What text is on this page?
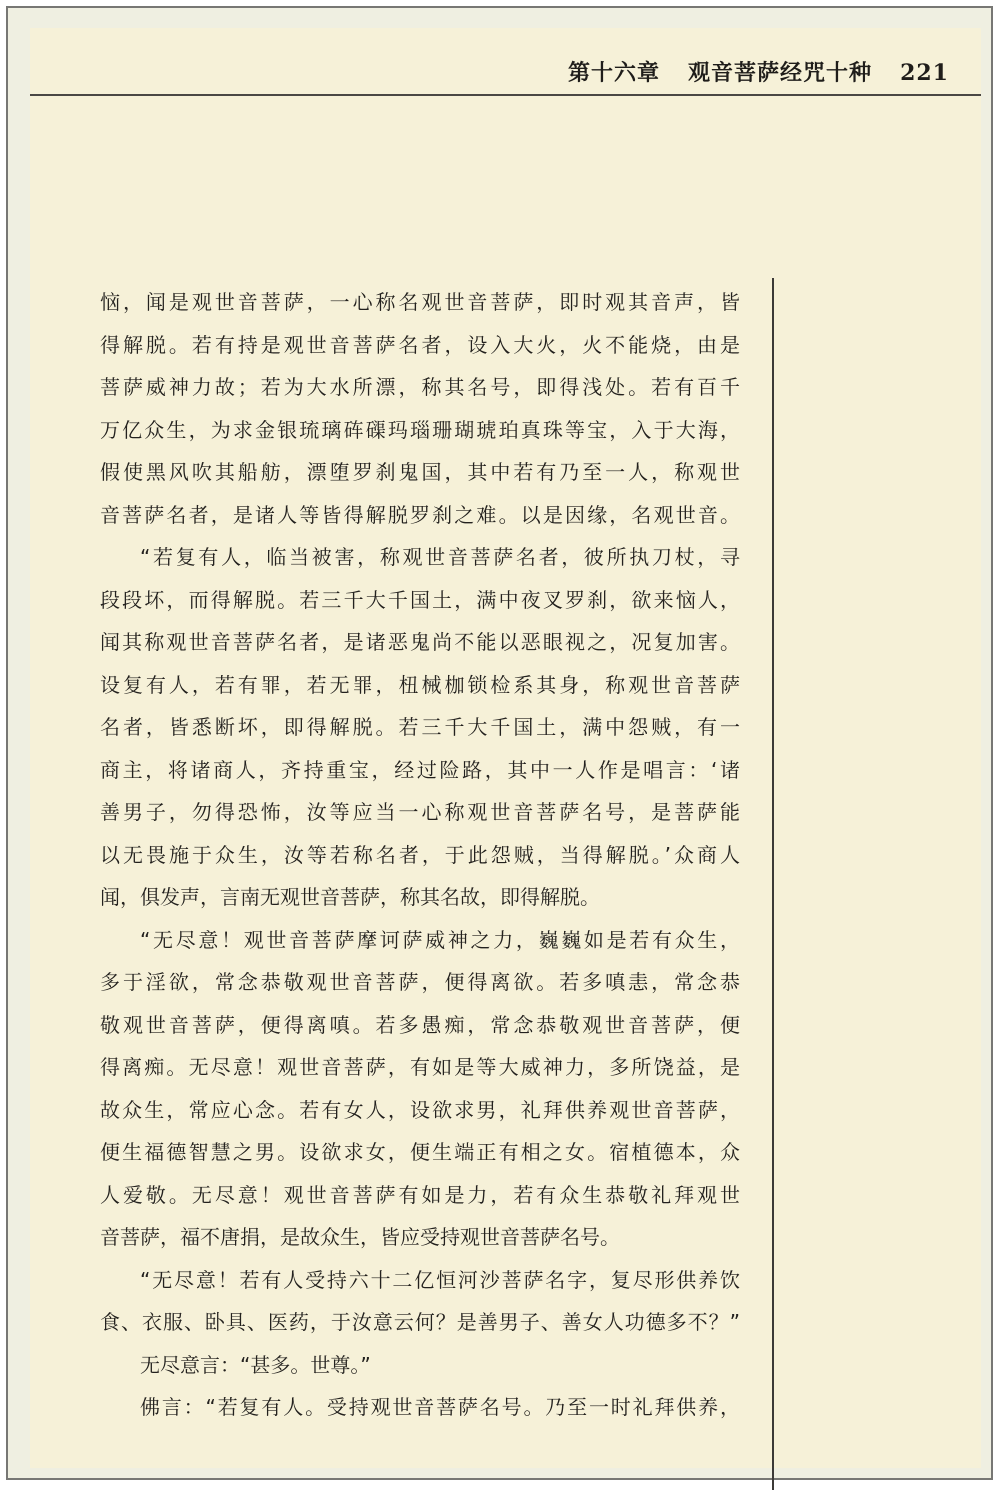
第十六章 观音菩萨经咒十种 221
恼，闻是观世音菩萨，一心称名观世音菩萨，即时观其音声，皆
得解脱。若有持是观世音菩萨名者，设入大火，火不能烧，由是
菩萨威神力故；若为大水所漂，称其名号，即得浅处。若有百千
万亿众生，为求金银琉璃砗磲玛瑙珊瑚琥珀真珠等宝，入于大海，
假使黑风吹其船舫，漂堕罗刹鬼国，其中若有乃至一人，称观世
音菩萨名者，是诸人等皆得解脱罗刹之难。以是因缘，名观世音。
“若复有人，临当被害，称观世音菩萨名者，彼所执刀杖，寻
段段坏，而得解脱。若三千大千国土，满中夜叉罗刹，欲来恼人，
闻其称观世音菩萨名者，是诸恶鬼尚不能以恶眼视之，况复加害。
设复有人，若有罪，若无罪，杻械枷锁检系其身，称观世音菩萨
名者，皆悉断坏，即得解脱。若三千大千国土，满中怨贼，有一
商主，将诸商人，齐持重宝，经过险路，其中一人作是唱言：‘诸
善男子，勿得恐怖，汝等应当一心称观世音菩萨名号，是菩萨能
以无畏施于众生，汝等若称名者，于此怨贼，当得解脱。’众商人
闻，俱发声，言南无观世音菩萨，称其名故，即得解脱。
“无尽意！观世音菩萨摩诃萨威神之力，巍巍如是若有众生，
多于淫欲，常念恭敬观世音菩萨，便得离欲。若多嗔恚，常念恭
敬观世音菩萨，便得离嗔。若多愚痴，常念恭敬观世音菩萨，便
得离痴。无尽意！观世音菩萨，有如是等大威神力，多所饶益，是
故众生，常应心念。若有女人，设欲求男，礼拜供养观世音菩萨，
便生福德智慧之男。设欲求女，便生端正有相之女。宿植德本，众
人爱敬。无尽意！观世音菩萨有如是力，若有众生恭敬礼拜观世
音菩萨，福不唐捐，是故众生，皆应受持观世音菩萨名号。
“无尽意！若有人受持六十二亿恒河沙菩萨名字，复尽形供养饮
食、衣服、卧具、医药，于汝意云何？是善男子、善女人功德多不？”
无尽意言：“甚多。世尊。”
佛言：“若复有人。受持观世音菩萨名号。乃至一时礼拜供养，
